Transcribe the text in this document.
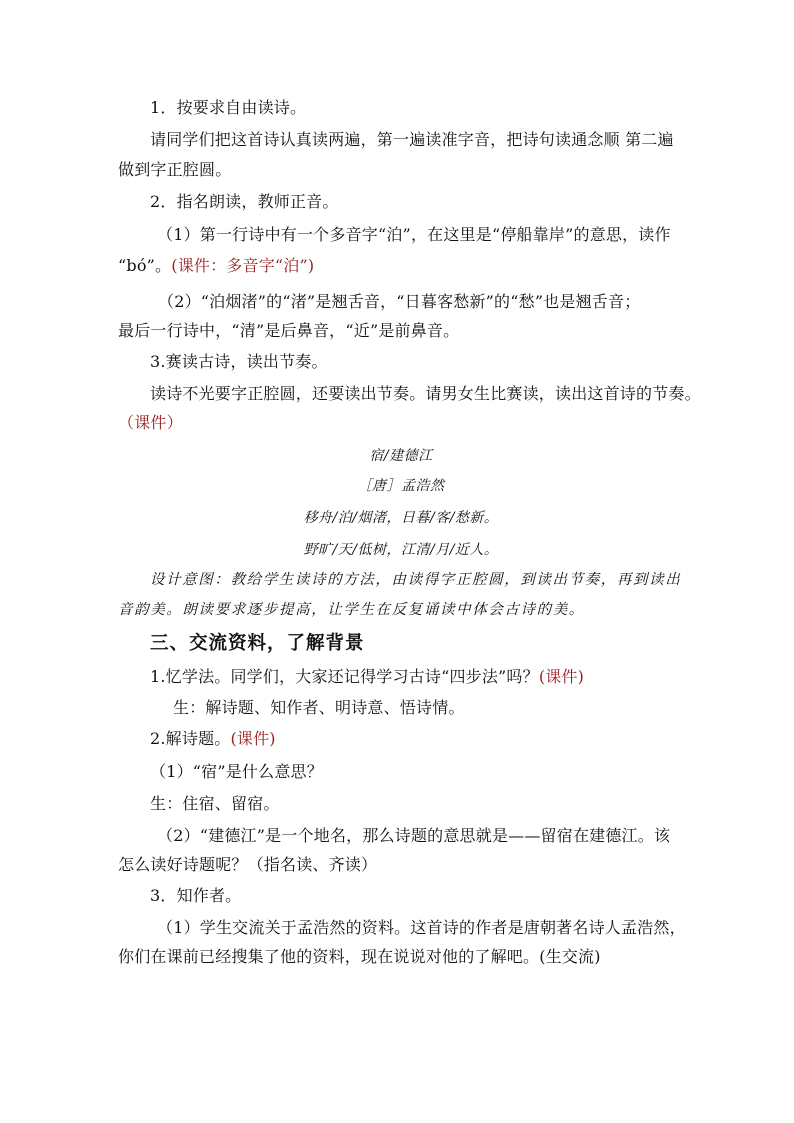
1．按要求自由读诗。
请同学们把这首诗认真读两遍，第一遍读准字音，把诗句读通念顺 第二遍
做到字正腔圆。
2．指名朗读，教师正音。
（1）第一行诗中有一个多音字“泊”，在这里是“停船靠岸”的意思，读作
“bó”。(课件：多音字“泊”)
（2）“泊烟渚”的“渚”是翘舌音，“日暮客愁新”的“愁”也是翘舌音；
最后一行诗中，“清”是后鼻音，“近”是前鼻音。
3.赛读古诗，读出节奏。
读诗不光要字正腔圆，还要读出节奏。请男女生比赛读，读出这首诗的节奏。
（课件）
宿/建德江
［唐］孟浩然
移舟/泊/烟渚，日暮/客/愁新。
野旷/天/低树，江清/月/近人。
设计意图：教给学生读诗的方法，由读得字正腔圆，到读出节奏，再到读出
音韵美。朗读要求逐步提高，让学生在反复诵读中体会古诗的美。
三、交流资料，了解背景
1.忆学法。同学们，大家还记得学习古诗“四步法”吗？(课件)
生：解诗题、知作者、明诗意、悟诗情。
2.解诗题。(课件)
（1）“宿”是什么意思？
生：住宿、留宿。
（2）“建德江”是一个地名，那么诗题的意思就是——留宿在建德江。该
怎么读好诗题呢？（指名读、齐读）
3．知作者。
（1）学生交流关于孟浩然的资料。这首诗的作者是唐朝著名诗人孟浩然，
你们在课前已经搜集了他的资料，现在说说对他的了解吧。(生交流)
